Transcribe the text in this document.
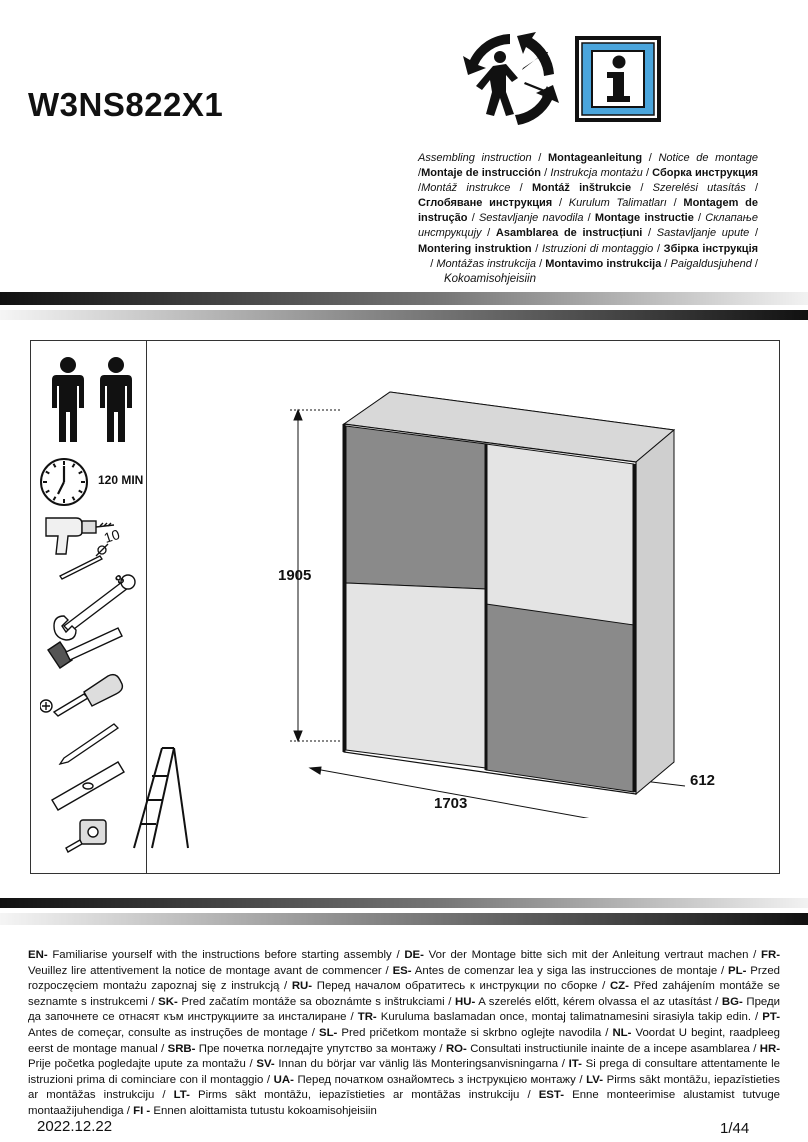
W3NS822X1
Assembling instruction / Montageanleitung / Notice de montage /Montaje de instrucción / Instrukcja montażu / Сборка инструкция /Montáž instrukce / Montáž inštrukcie / Szerelési utasítás /Сглобяване инструкция / Kurulum Talimatları / Montagem de instrução / Sestavljanje navodila / Montage instructie / Склапање инструкцију / Asamblarea de instrucțiuni / Sastavljanje upute / Montering instruktion / Istruzioni di montaggio / Збірка інструкція / Montážas instrukcija / Montavimo instrukcija / Paigaldusjuhend /
Kokoamisohjeisiin
120 MIN
10
8	1905
1703
612
EN- Familiarise yourself with the instructions before starting assembly / DE- Vor der Montage bitte sich mit der Anleitung vertraut machen / FR- Veuillez lire attentivement la notice de montage avant de commencer / ES- Antes de comenzar lea y siga las instrucciones de montaje / PL- Przed rozpoczęciem montażu zapoznaj się z instrukcją / RU- Перед началом обратитесь к инструкции по сборке / CZ- Před zahájením montáže se seznamte s instrukcemi / SK- Pred začatím montáže sa oboznámte s inštrukciami / HU- A szerelés előtt, kérem olvassa el az utasítást / BG- Преди да започнете се отнасят към инструкциите за инсталиране / TR- Kuruluma baslamadan once, montaj talimatnamesini sirasiyla takip edin. / PT- Antes de começar, consulte as instruções de montage / SL- Pred pričetkom montaže si skrbno oglejte navodila / NL- Voordat U begint, raadpleeg eerst de montage manual / SRB- Пре почетка погледајте упутство за монтажу / RO- Consultati instructiunile inainte de a incepe asamblarea / HR- Prije početka pogledajte upute za montažu / SV- Innan du börjar var vänlig läs Monteringsanvisningarna / IT- Si prega di consultare attentamente le istruzioni prima di cominciare con il montaggio / UA- Перед початком ознайомтесь з інструкцією монтажу / LV- Pirms sākt montāžu, iepazīstieties ar montāžas instrukciju / LT- Pirms sākt montāžu, iepazīstieties ar montāžas instrukciju / EST- Enne monteerimise alustamist tutvuge montaažijuhendiga / FI - Ennen aloittamista tutustu kokoamisohjeisiin
2022.12.22	1/44
